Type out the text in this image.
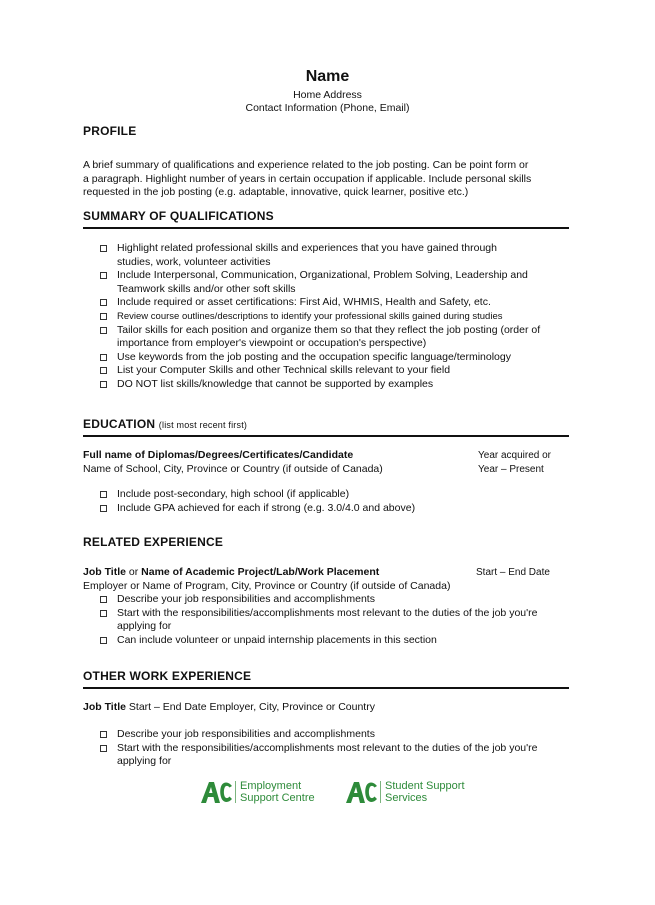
Name
Home Address
Contact Information (Phone, Email)
PROFILE
A brief summary of qualifications and experience related to the job posting. Can be point form or
a paragraph. Highlight number of years in certain occupation if applicable. Include personal skills
requested in the job posting (e.g. adaptable, innovative, quick learner, positive etc.)
SUMMARY OF QUALIFICATIONS
Highlight related professional skills and experiences that you have gained through
studies, work, volunteer activities
Include Interpersonal, Communication, Organizational, Problem Solving, Leadership and
Teamwork skills and/or other soft skills
Include required or asset certifications: First Aid, WHMIS, Health and Safety, etc.
Review course outlines/descriptions to identify your professional skills gained during studies
Tailor skills for each position and organize them so that they reflect the job posting (order of
importance from employer's viewpoint or occupation's perspective)
Use keywords from the job posting and the occupation specific language/terminology
List your Computer Skills and other Technical skills relevant to your field
DO NOT list skills/knowledge that cannot be supported by examples
EDUCATION (list most recent first)
Full name of Diplomas/Degrees/Certificates/Candidate
Name of School, City, Province or Country (if outside of Canada)
Year acquired or
Year – Present
Include post-secondary, high school (if applicable)
Include GPA achieved for each if strong (e.g. 3.0/4.0 and above)
RELATED EXPERIENCE
Job Title or Name of Academic Project/Lab/Work Placement	Start – End Date
Employer or Name of Program, City, Province or Country (if outside of Canada)
Describe your job responsibilities and accomplishments
Start with the responsibilities/accomplishments most relevant to the duties of the job you're
applying for
Can include volunteer or unpaid internship placements in this section
OTHER WORK EXPERIENCE
Job Title Start – End Date Employer, City, Province or Country
Describe your job responsibilities and accomplishments
Start with the responsibilities/accomplishments most relevant to the duties of the job you're
applying for
Employment
Support Centre
Student Support
Services
